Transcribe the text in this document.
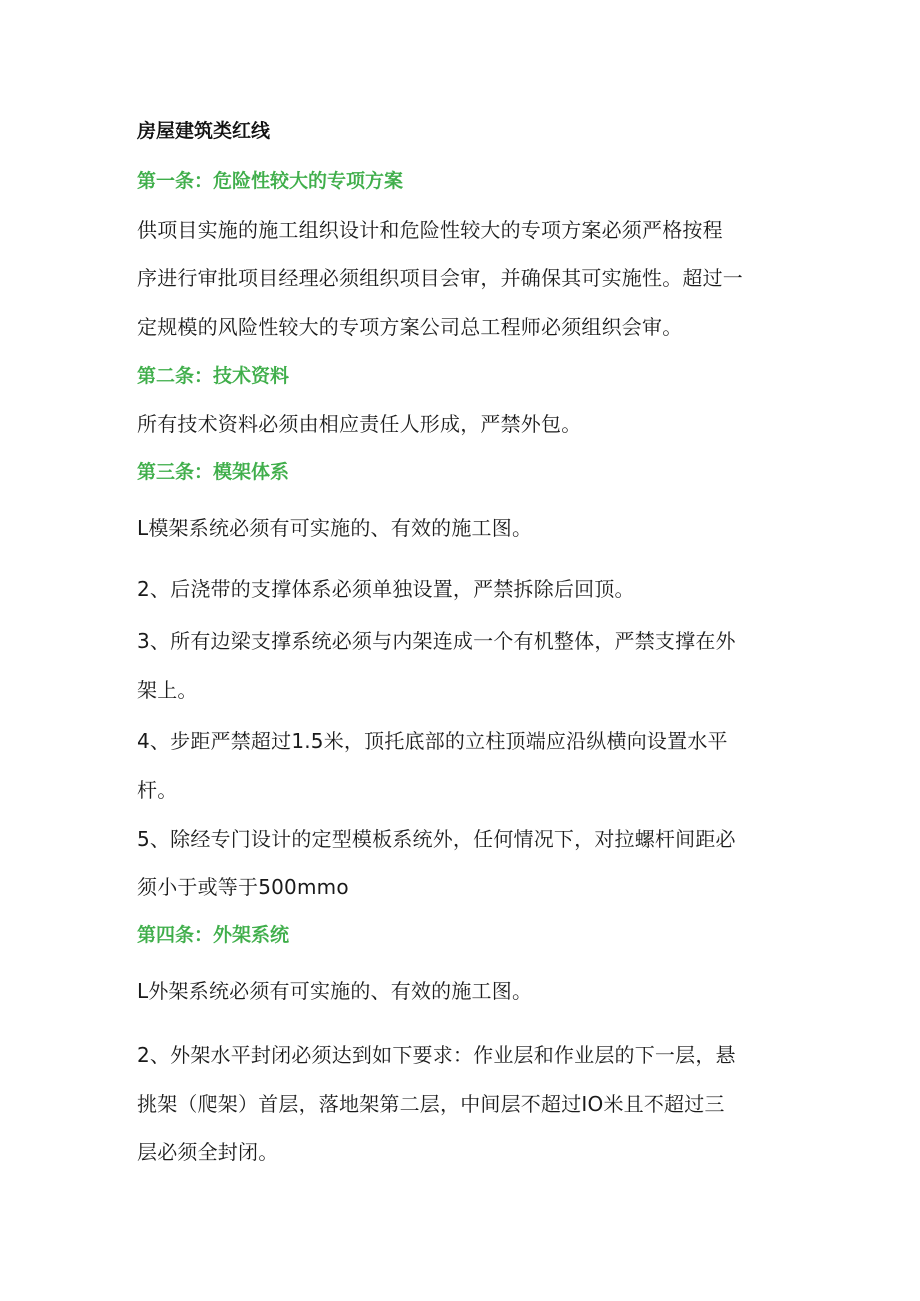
房屋建筑类红线
第一条：危险性较大的专项方案
供项目实施的施工组织设计和危险性较大的专项方案必须严格按程
序进行审批项目经理必须组织项目会审，并确保其可实施性。超过一
定规模的风险性较大的专项方案公司总工程师必须组织会审。
第二条：技术资料
所有技术资料必须由相应责任人形成，严禁外包。
第三条：模架体系
L模架系统必须有可实施的、有效的施工图。
2、后浇带的支撑体系必须单独设置，严禁拆除后回顶。
3、所有边梁支撑系统必须与内架连成一个有机整体，严禁支撑在外
架上。
4、步距严禁超过1.5米，顶托底部的立柱顶端应沿纵横向设置水平
杆。
5、除经专门设计的定型模板系统外，任何情况下，对拉螺杆间距必
须小于或等于500mmo
第四条：外架系统
L外架系统必须有可实施的、有效的施工图。
2、外架水平封闭必须达到如下要求：作业层和作业层的下一层，悬
挑架（爬架）首层，落地架第二层，中间层不超过IO米且不超过三
层必须全封闭。
